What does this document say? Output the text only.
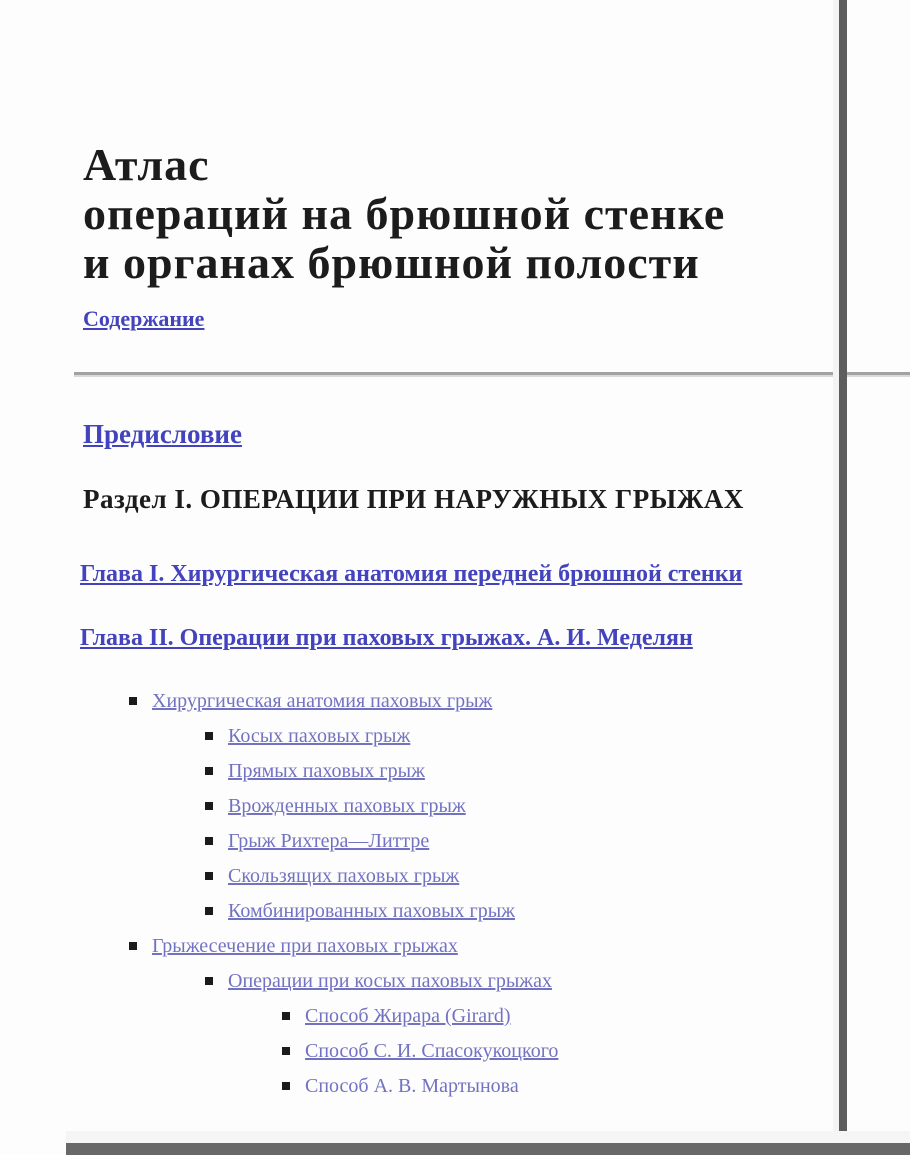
Атлас
операций на брюшной стенке
и органах брюшной полости
Содержание
Предисловие
Раздел I. ОПЕРАЦИИ ПРИ НАРУЖНЫХ ГРЫЖАХ
Глава I. Хирургическая анатомия передней брюшной стенки
Глава II. Операции при паховых грыжах. А. И. Меделян
Хирургическая анатомия паховых грыж
Косых паховых грыж
Прямых паховых грыж
Врожденных паховых грыж
Грыж Рихтера—Литтре
Скользящих паховых грыж
Комбинированных паховых грыж
Грыжесечение при паховых грыжах
Операции при косых паховых грыжах
Способ Жирара (Girard)
Способ С. И. Спасокукоцкого
Способ А. В. Мартынова
